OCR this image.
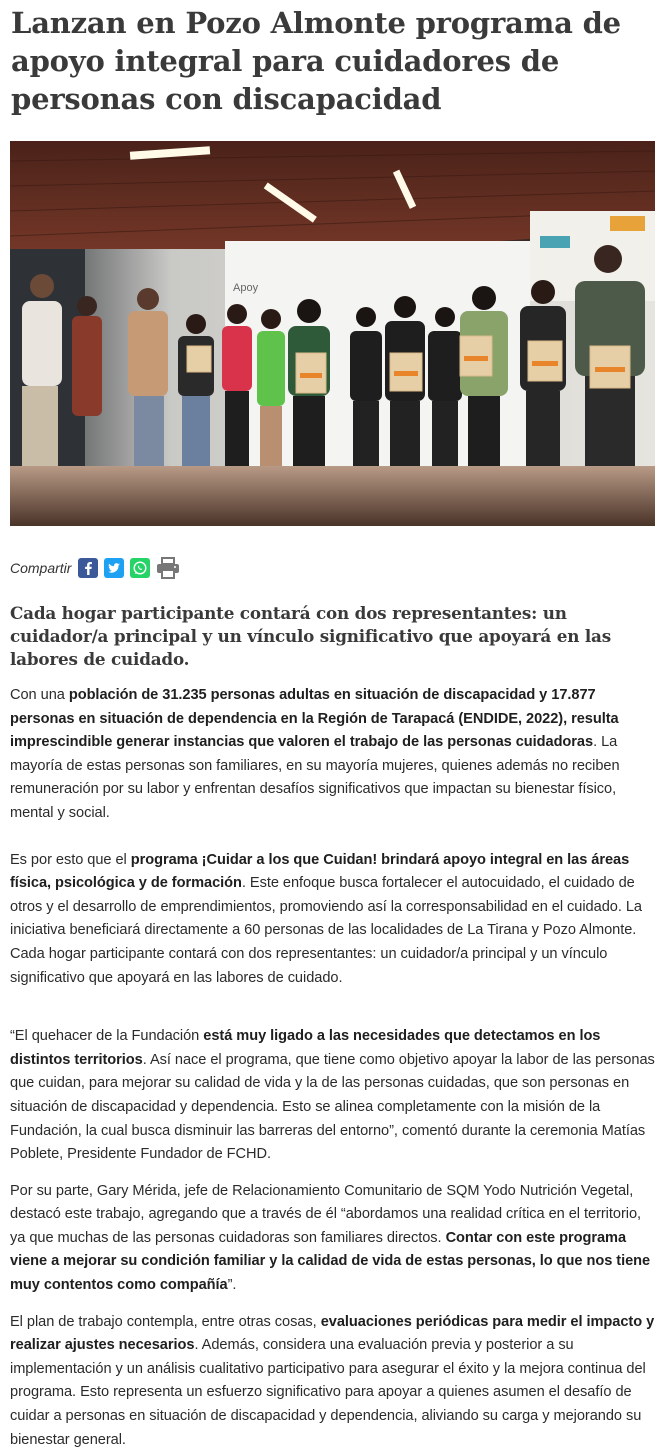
Lanzan en Pozo Almonte programa de apoyo integral para cuidadores de personas con discapacidad
Apoy
Compartir
Cada hogar participante contará con dos representantes: un cuidador/a principal y un vínculo significativo que apoyará en las labores de cuidado.

Con una población de 31.235 personas adultas en situación de discapacidad y 17.877 personas en situación de dependencia en la Región de Tarapacá (ENDIDE, 2022), resulta imprescindible generar instancias que valoren el trabajo de las personas cuidadoras. La mayoría de estas personas son familiares, en su mayoría mujeres, quienes además no reciben remuneración por su labor y enfrentan desafíos significativos que impactan su bienestar físico, mental y social.

Es por esto que el programa ¡Cuidar a los que Cuidan! brindará apoyo integral en las áreas física, psicológica y de formación. Este enfoque busca fortalecer el autocuidado, el cuidado de otros y el desarrollo de emprendimientos, promoviendo así la corresponsabilidad en el cuidado. La iniciativa beneficiará directamente a 60 personas de las localidades de La Tirana y Pozo Almonte. Cada hogar participante contará con dos representantes: un cuidador/a principal y un vínculo significativo que apoyará en las labores de cuidado.

“El quehacer de la Fundación está muy ligado a las necesidades que detectamos en los distintos territorios. Así nace el programa, que tiene como objetivo apoyar la labor de las personas que cuidan, para mejorar su calidad de vida y la de las personas cuidadas, que son personas en situación de discapacidad y dependencia. Esto se alinea completamente con la misión de la Fundación, la cual busca disminuir las barreras del entorno”, comentó durante la ceremonia Matías Poblete, Presidente Fundador de FCHD.

Por su parte, Gary Mérida, jefe de Relacionamiento Comunitario de SQM Yodo Nutrición Vegetal, destacó este trabajo, agregando que a través de él “abordamos una realidad crítica en el territorio, ya que muchas de las personas cuidadoras son familiares directos. Contar con este programa viene a mejorar su condición familiar y la calidad de vida de estas personas, lo que nos tiene muy contentos como compañía”.

El plan de trabajo contempla, entre otras cosas, evaluaciones periódicas para medir el impacto y realizar ajustes necesarios. Además, considera una evaluación previa y posterior a su implementación y un análisis cualitativo participativo para asegurar el éxito y la mejora continua del programa. Esto representa un esfuerzo significativo para apoyar a quienes asumen el desafío de cuidar a personas en situación de discapacidad y dependencia, aliviando su carga y mejorando su bienestar general.
